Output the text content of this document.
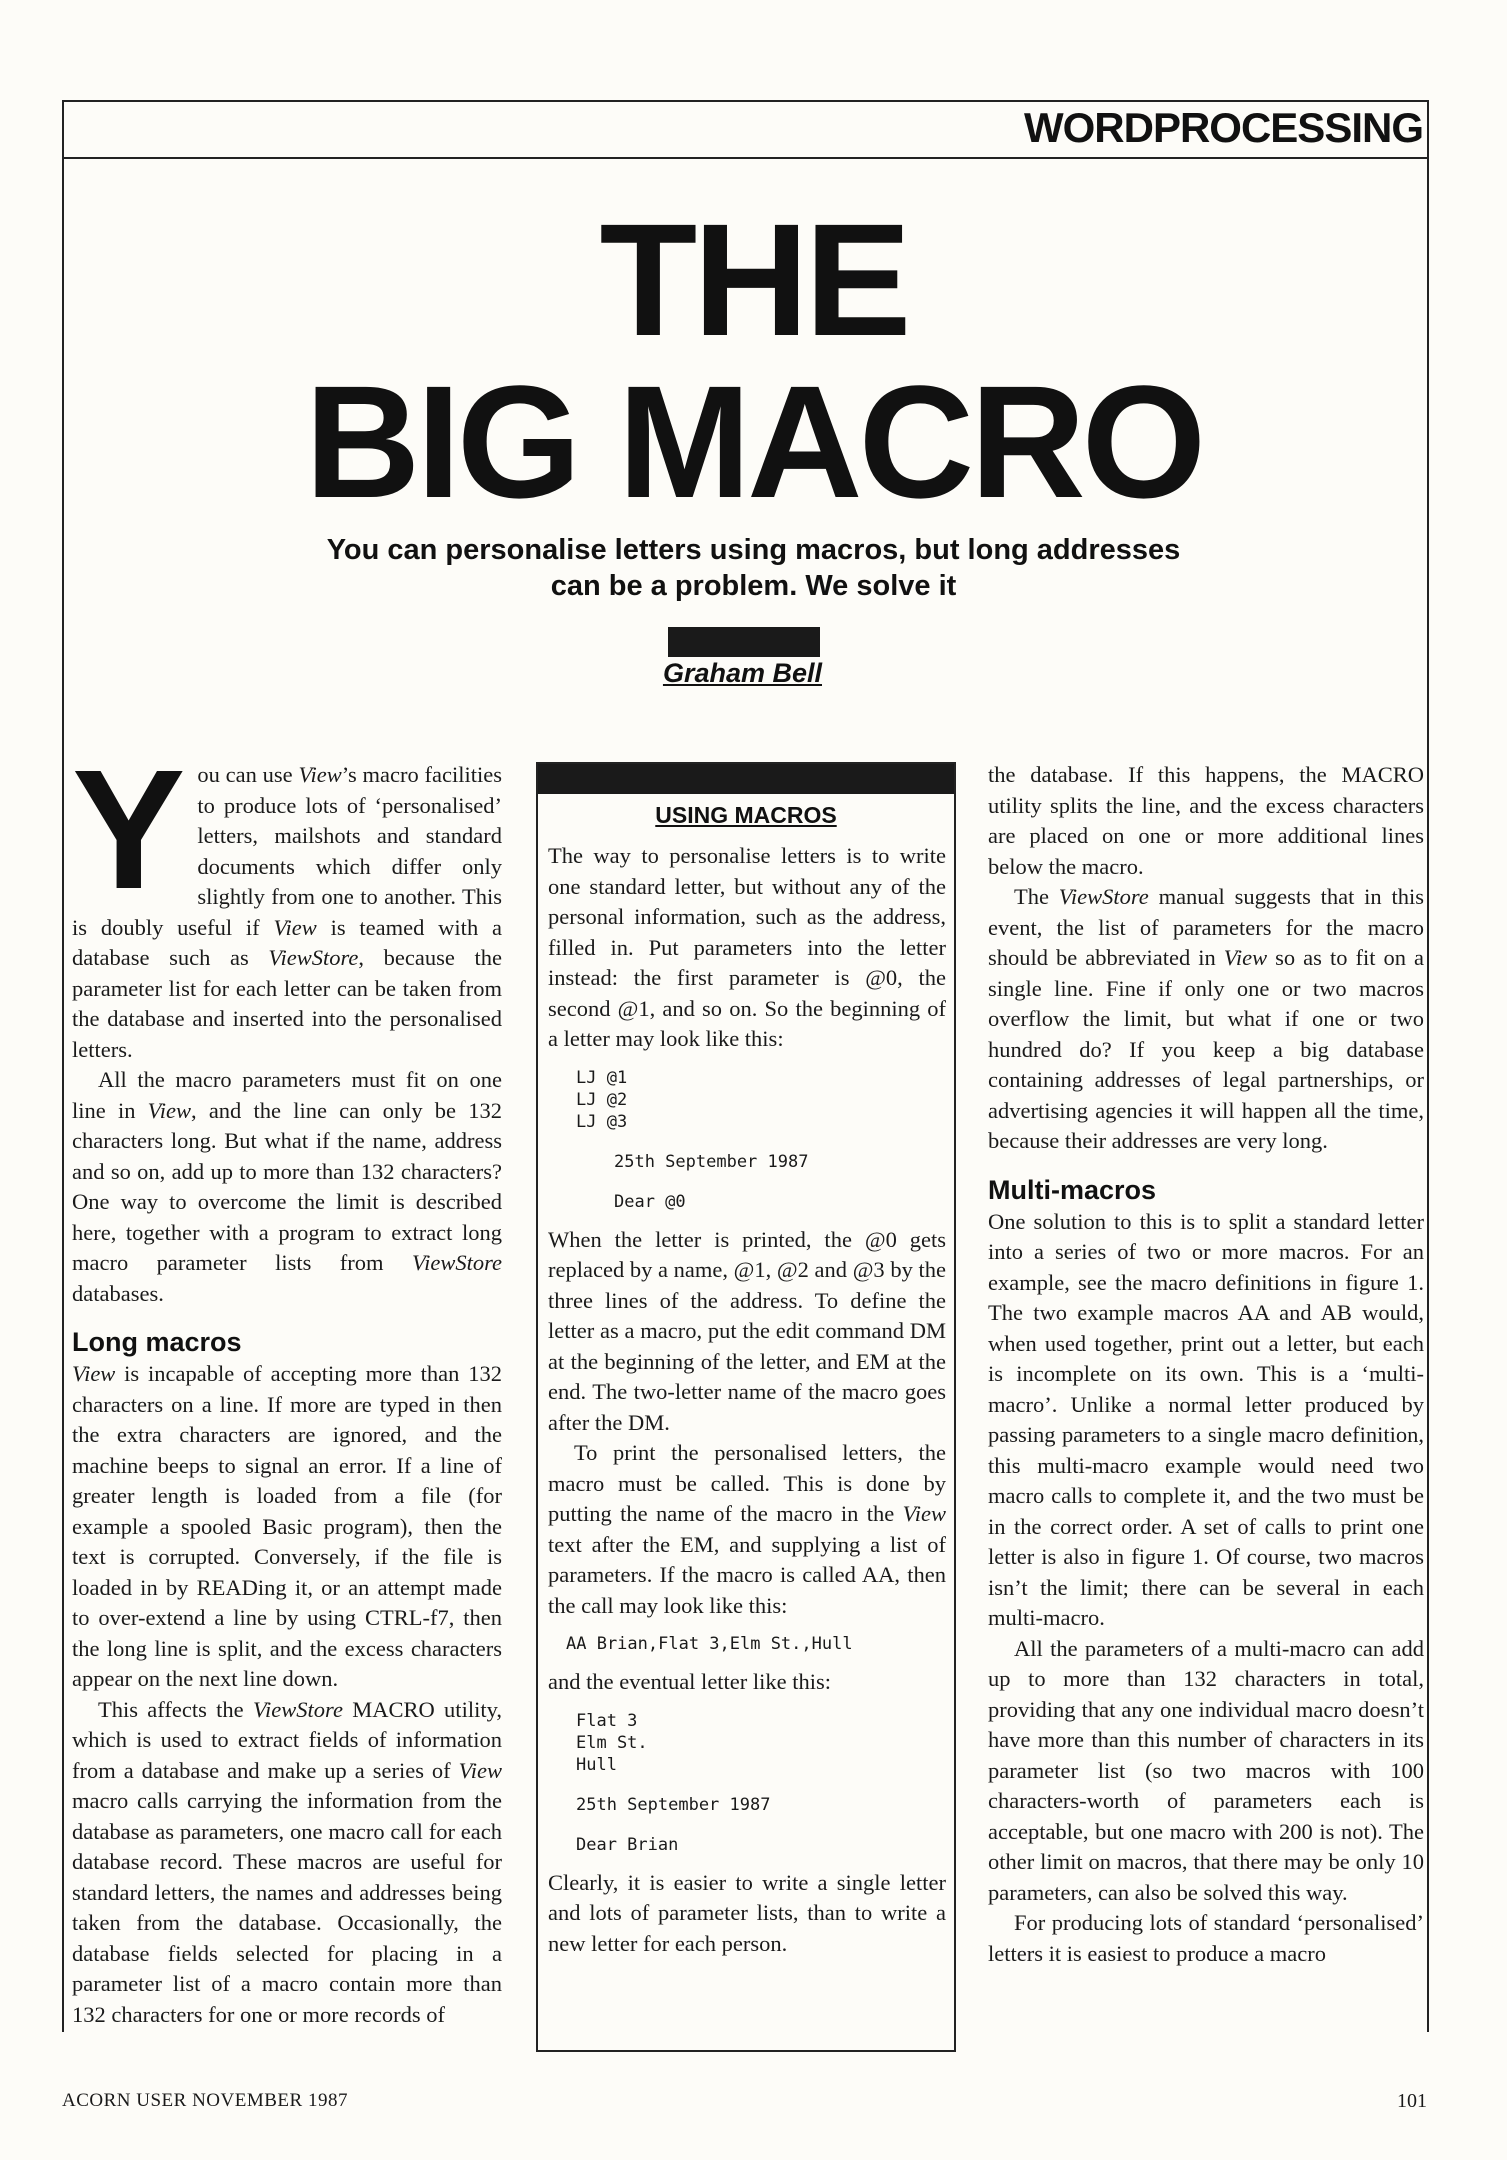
WORDPROCESSING
THE
BIG MACRO
You can personalise letters using macros, but long addresses can be a problem. We solve it
Graham Bell

You can use View’s macro facilities to produce lots of ‘personalised’ letters, mailshots and standard documents which differ only slightly from one to another. This is doubly useful if View is teamed with a database such as ViewStore, because the parameter list for each letter can be taken from the database and inserted into the personalised letters.

All the macro parameters must fit on one line in View, and the line can only be 132 characters long. But what if the name, address and so on, add up to more than 132 characters? One way to overcome the limit is described here, together with a program to extract long macro parameter lists from ViewStore databases.

Long macros

View is incapable of accepting more than 132 characters on a line. If more are typed in then the extra characters are ignored, and the machine beeps to signal an error. If a line of greater length is loaded from a file (for example a spooled Basic program), then the text is corrupted. Conversely, if the file is loaded in by READing it, or an attempt made to over-extend a line by using CTRL-f7, then the long line is split, and the excess characters appear on the next line down.

This affects the ViewStore MACRO utility, which is used to extract fields of information from a database and make up a series of View macro calls carrying the information from the database as parameters, one macro call for each database record. These macros are useful for standard letters, the names and addresses being taken from the database. Occasionally, the database fields selected for placing in a parameter list of a macro contain more than 132 characters for one or more records of

USING MACROS

The way to personalise letters is to write one standard letter, but without any of the personal information, such as the address, filled in. Put parameters into the letter instead: the first parameter is @0, the second @1, and so on. So the beginning of a letter may look like this:

LJ @1
LJ @2
LJ @3
25th September 1987
Dear @0

When the letter is printed, the @0 gets replaced by a name, @1, @2 and @3 by the three lines of the address. To define the letter as a macro, put the edit command DM at the beginning of the letter, and EM at the end. The two-letter name of the macro goes after the DM.

To print the personalised letters, the macro must be called. This is done by putting the name of the macro in the View text after the EM, and supplying a list of parameters. If the macro is called AA, then the call may look like this:

AA Brian,Flat 3,Elm St.,Hull

and the eventual letter like this:

Flat 3
Elm St.
Hull
25th September 1987
Dear Brian

Clearly, it is easier to write a single letter and lots of parameter lists, than to write a new letter for each person.

the database. If this happens, the MACRO utility splits the line, and the excess characters are placed on one or more additional lines below the macro.

The ViewStore manual suggests that in this event, the list of parameters for the macro should be abbreviated in View so as to fit on a single line. Fine if only one or two macros overflow the limit, but what if one or two hundred do? If you keep a big database containing addresses of legal partnerships, or advertising agencies it will happen all the time, because their addresses are very long.

Multi-macros

One solution to this is to split a standard letter into a series of two or more macros. For an example, see the macro definitions in figure 1. The two example macros AA and AB would, when used together, print out a letter, but each is incomplete on its own. This is a ‘multi-macro’. Unlike a normal letter produced by passing parameters to a single macro definition, this multi-macro example would need two macro calls to complete it, and the two must be in the correct order. A set of calls to print one letter is also in figure 1. Of course, two macros isn’t the limit; there can be several in each multi-macro.

All the parameters of a multi-macro can add up to more than 132 characters in total, providing that any one individual macro doesn’t have more than this number of characters in its parameter list (so two macros with 100 characters-worth of parameters each is acceptable, but one macro with 200 is not). The other limit on macros, that there may be only 10 parameters, can also be solved this way.

For producing lots of standard ‘personalised’ letters it is easiest to produce a macro

ACORN USER NOVEMBER 1987	101
